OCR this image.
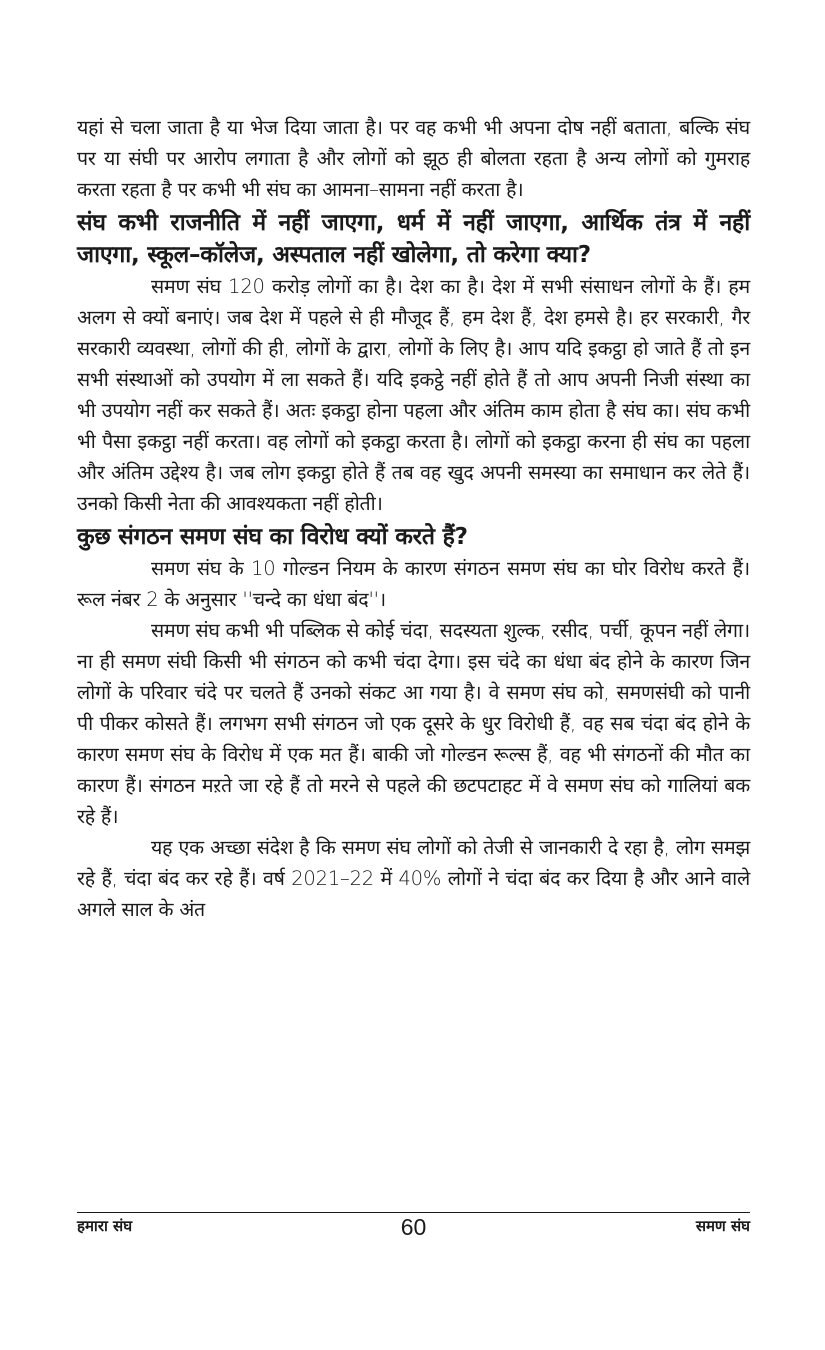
यहां से चला जाता है या भेज दिया जाता है। पर वह कभी भी अपना दोष नहीं बताता, बल्कि संघ पर या संघी पर आरोप लगाता है और लोगों को झूठ ही बोलता रहता है अन्य लोगों को गुमराह करता रहता है पर कभी भी संघ का आमना–सामना नहीं करता है।

संघ कभी राजनीति में नहीं जाएगा, धर्म में नहीं जाएगा, आर्थिक तंत्र में नहीं जाएगा, स्कूल–कॉलेज, अस्पताल नहीं खोलेगा, तो करेगा क्या?

समण संघ 120 करोड़ लोगों का है। देश का है। देश में सभी संसाधन लोगों के हैं। हम अलग से क्यों बनाएं। जब देश में पहले से ही मौजूद हैं, हम देश हैं, देश हमसे है। हर सरकारी, गैर सरकारी व्यवस्था, लोगों की ही, लोगों के द्वारा, लोगों के लिए है। आप यदि इकट्ठा हो जाते हैं तो इन सभी संस्थाओं को उपयोग में ला सकते हैं। यदि इकट्ठे नहीं होते हैं तो आप अपनी निजी संस्था का भी उपयोग नहीं कर सकते हैं। अतः इकट्ठा होना पहला और अंतिम काम होता है संघ का। संघ कभी भी पैसा इकट्ठा नहीं करता। वह लोगों को इकट्ठा करता है। लोगों को इकट्ठा करना ही संघ का पहला और अंतिम उद्देश्य है। जब लोग इकट्ठा होते हैं तब वह खुद अपनी समस्या का समाधान कर लेते हैं। उनको किसी नेता की आवश्यकता नहीं होती।

कुछ संगठन समण संघ का विरोध क्यों करते हैं?

समण संघ के 10 गोल्डन नियम के कारण संगठन समण संघ का घोर विरोध करते हैं। रूल नंबर 2 के अनुसार ''चन्दे का धंधा बंद''।

समण संघ कभी भी पब्लिक से कोई चंदा, सदस्यता शुल्क, रसीद, पर्ची, कूपन नहीं लेगा। ना ही समण संघी किसी भी संगठन को कभी चंदा देगा। इस चंदे का धंधा बंद होने के कारण जिन लोगों के परिवार चंदे पर चलते हैं उनको संकट आ गया है। वे समण संघ को, समणसंघी को पानी पी पीकर कोसते हैं। लगभग सभी संगठन जो एक दूसरे के धुर विरोधी हैं, वह सब चंदा बंद होने के कारण समण संघ के विरोध में एक मत हैं। बाकी जो गोल्डन रूल्स हैं, वह भी संगठनों की मौत का कारण हैं। संगठन मऱते जा रहे हैं तो मरने से पहले की छटपटाहट में वे समण संघ को गालियां बक रहे हैं।

यह एक अच्छा संदेश है कि समण संघ लोगों को तेजी से जानकारी दे रहा है, लोग समझ रहे हैं, चंदा बंद कर रहे हैं। वर्ष 2021–22 में 40% लोगों ने चंदा बंद कर दिया है और आने वाले अगले साल के अंत

हमारा संघ	60	समण संघ
